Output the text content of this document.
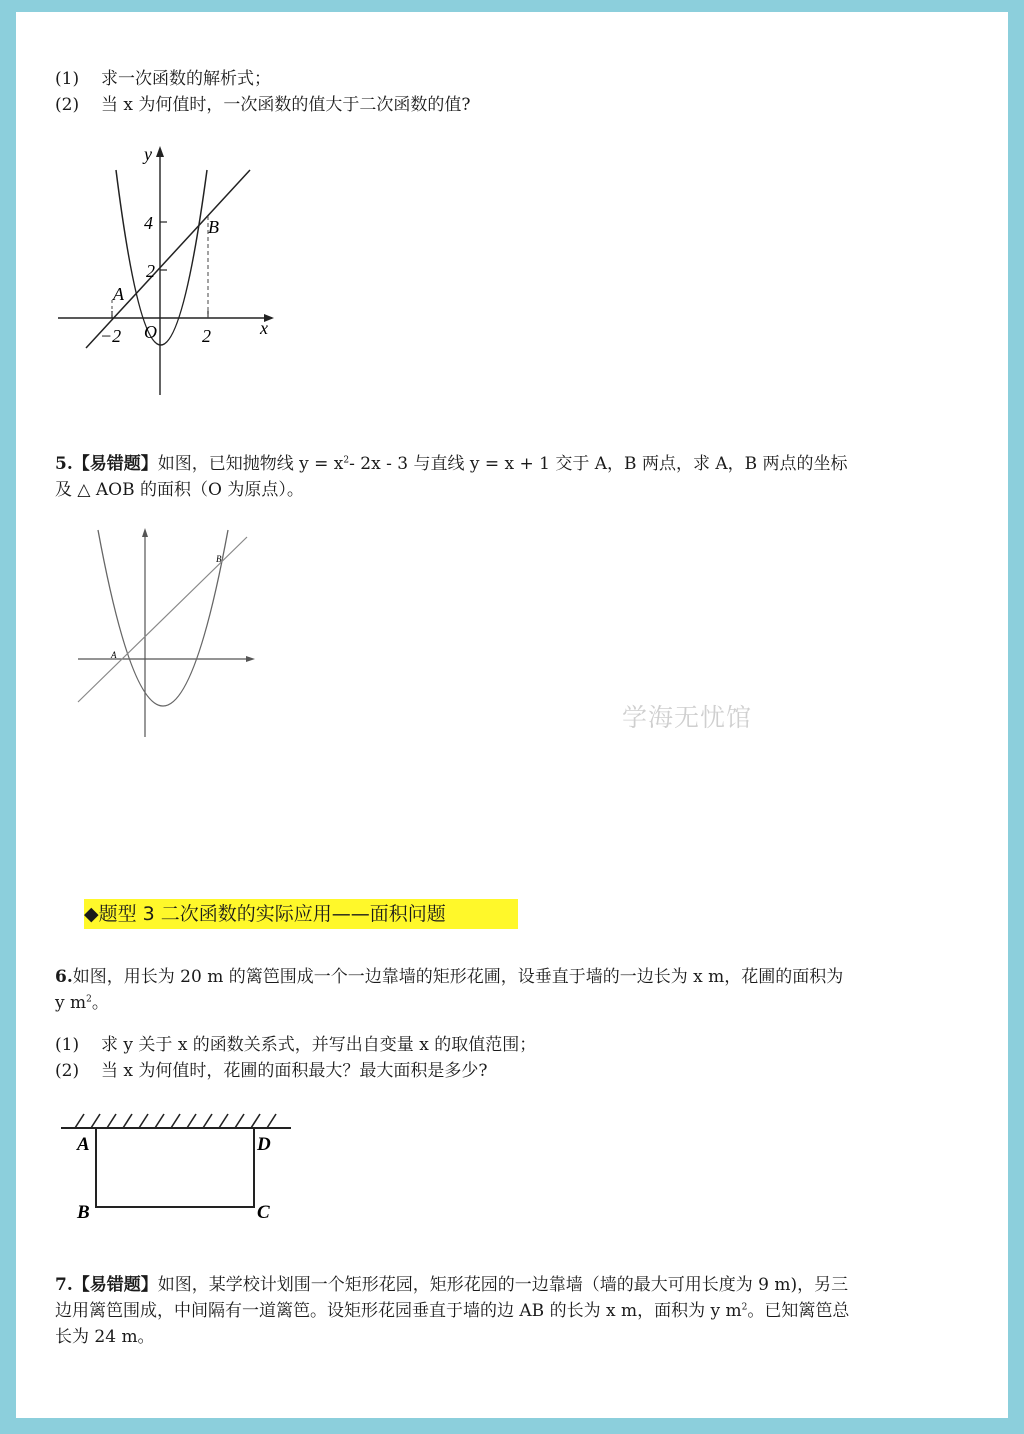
(1) 求一次函数的解析式；
(2) 当 x 为何值时，一次函数的值大于二次函数的值?
y
x
O
A
B
4
2
−2	2
5.【易错题】如图，已知抛物线 $y = x^2-$ 2x - 3 与直线 y = x + 1 交于 A，B 两点，求 A，B 两点的坐标
及 △ AOB 的面积（O 为原点）。
A
B
学海无忧馆
◆题型 3 二次函数的实际应用——面积问题
6.如图，用长为 20 m 的篱笆围成一个一边靠墙的矩形花圃，设垂直于墙的一边长为 x m，花圃的面积为
y $m^2$。
(1) 求 y 关于 x 的函数关系式，并写出自变量 x 的取值范围；
(2) 当 x 为何值时，花圃的面积最大？最大面积是多少?
A	D
B	C
7.【易错题】如图，某学校计划围一个矩形花园，矩形花园的一边靠墙（墙的最大可用长度为 9 m)，另三
边用篱笆围成，中间隔有一道篱笆。设矩形花园垂直于墙的边 AB 的长为 x m，面积为 y $m^2$。已知篱笆总
长为 24 m。
